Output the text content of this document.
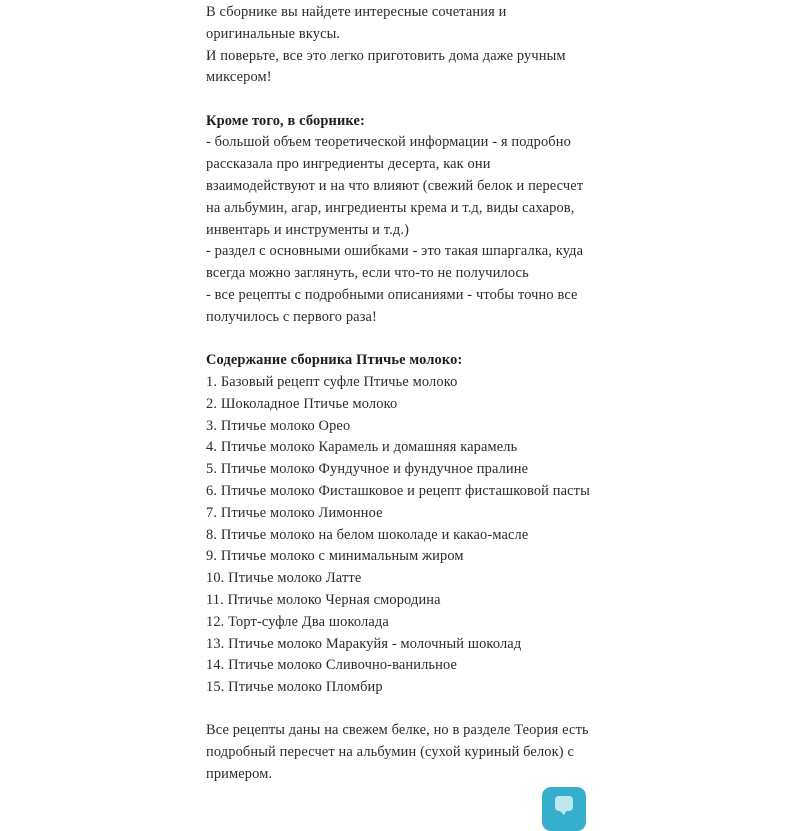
В сборнике вы найдете интересные сочетания и
оригинальные вкусы.
И поверьте, все это легко приготовить дома даже ручным
миксером!
Кроме того, в сборнике:
- большой объем теоретической информации - я подробно рассказала про ингредиенты десерта, как они взаимодействуют и на что влияют (свежий белок и пересчет на альбумин, агар, ингредиенты крема и т.д, виды сахаров, инвентарь и инструменты и т.д.)
- раздел с основными ошибками - это такая шпаргалка, куда всегда можно заглянуть, если что-то не получилось
- все рецепты с подробными описаниями - чтобы точно все получилось с первого раза!
Содержание сборника Птичье молоко:
1. Базовый рецепт суфле Птичье молоко
2. Шоколадное Птичье молоко
3. Птичье молоко Орео
4. Птичье молоко Карамель и домашняя карамель
5. Птичье молоко Фундучное и фундучное пралине
6. Птичье молоко Фисташковое и рецепт фисташковой пасты
7. Птичье молоко Лимонное
8. Птичье молоко на белом шоколаде и какао-масле
9. Птичье молоко с минимальным жиром
10. Птичье молоко Латте
11. Птичье молоко Черная смородина
12. Торт-суфле Два шоколада
13. Птичье молоко Маракуйя - молочный шоколад
14. Птичье молоко Сливочно-ванильное
15. Птичье молоко Пломбир
Все рецепты даны на свежем белке, но в разделе Теория есть подробный пересчет на альбумин (сухой куриный белок) с примером.
